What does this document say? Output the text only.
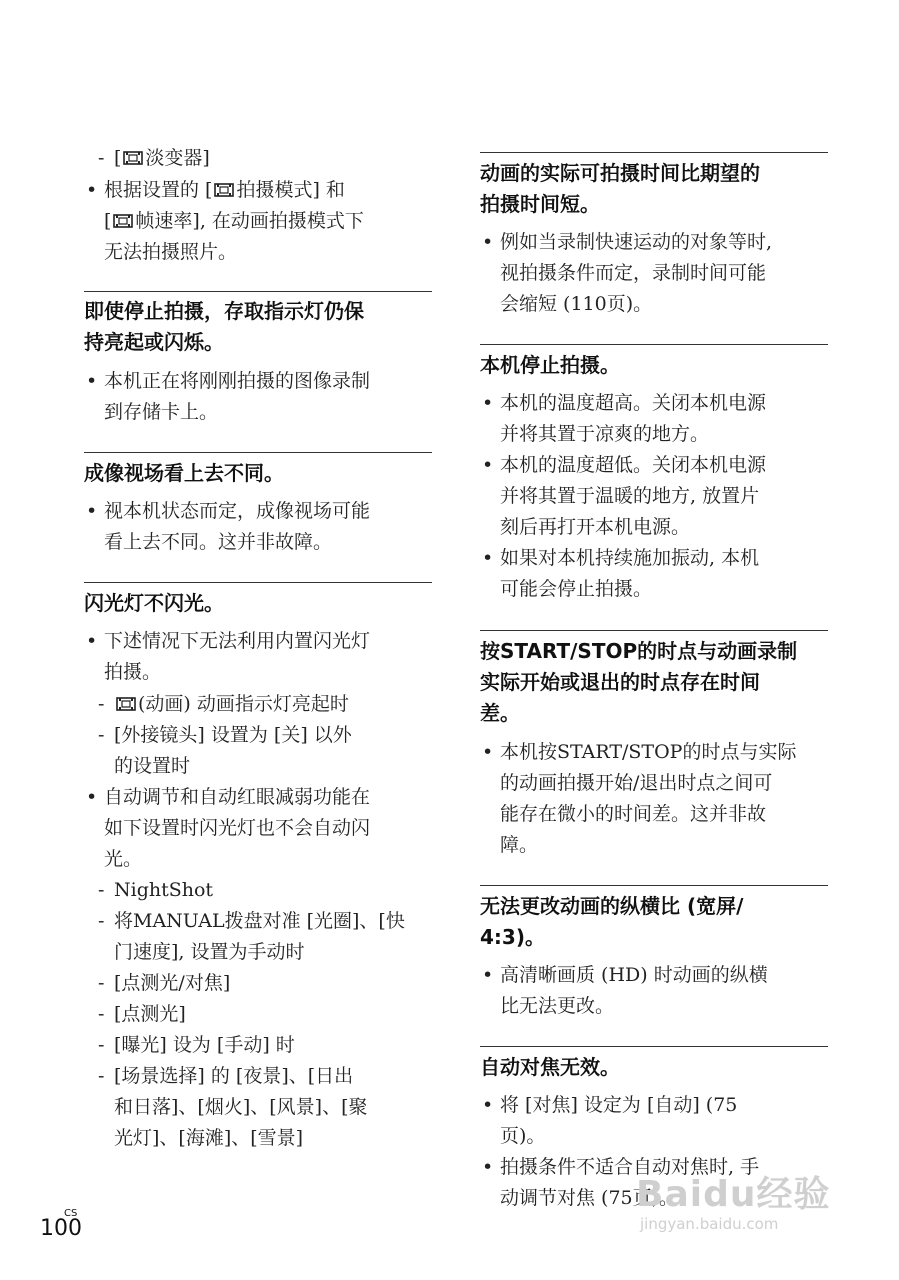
- [ 淡变器]
• 根据设置的 [ 拍摄模式] 和
[ 帧速率], 在动画拍摄模式下
无法拍摄照片。
即使停止拍摄，存取指示灯仍保
持亮起或闪烁。
• 本机正在将刚刚拍摄的图像录制
到存储卡上。
成像视场看上去不同。
• 视本机状态而定，成像视场可能
看上去不同。这并非故障。
闪光灯不闪光。
• 下述情况下无法利用内置闪光灯
拍摄。
- (动画) 动画指示灯亮起时
- [外接镜头] 设置为 [关] 以外
的设置时
• 自动调节和自动红眼减弱功能在
如下设置时闪光灯也不会自动闪
光。
- NightShot
- 将MANUAL拨盘对准 [光圈]、[快
门速度], 设置为手动时
- [点测光/对焦]
- [点测光]
- [曝光] 设为 [手动] 时
- [场景选择] 的 [夜景]、[日出
和日落]、[烟火]、[风景]、[聚
光灯]、[海滩]、[雪景]
动画的实际可拍摄时间比期望的
拍摄时间短。
• 例如当录制快速运动的对象等时,
视拍摄条件而定，录制时间可能
会缩短 (110页)。
本机停止拍摄。
• 本机的温度超高。关闭本机电源
并将其置于凉爽的地方。
• 本机的温度超低。关闭本机电源
并将其置于温暖的地方, 放置片
刻后再打开本机电源。
• 如果对本机持续施加振动, 本机
可能会停止拍摄。
按START/STOP的时点与动画录制
实际开始或退出的时点存在时间
差。
• 本机按START/STOP的时点与实际
的动画拍摄开始/退出时点之间可
能存在微小的时间差。这并非故
障。
无法更改动画的纵横比 (宽屏/
4:3)。
• 高清晰画质 (HD) 时动画的纵横
比无法更改。
自动对焦无效。
• 将 [对焦] 设定为 [自动] (75
页)。
• 拍摄条件不适合自动对焦时, 手
动调节对焦 (75页)。
CS
100
Baidu经验
jingyan.baidu.com
